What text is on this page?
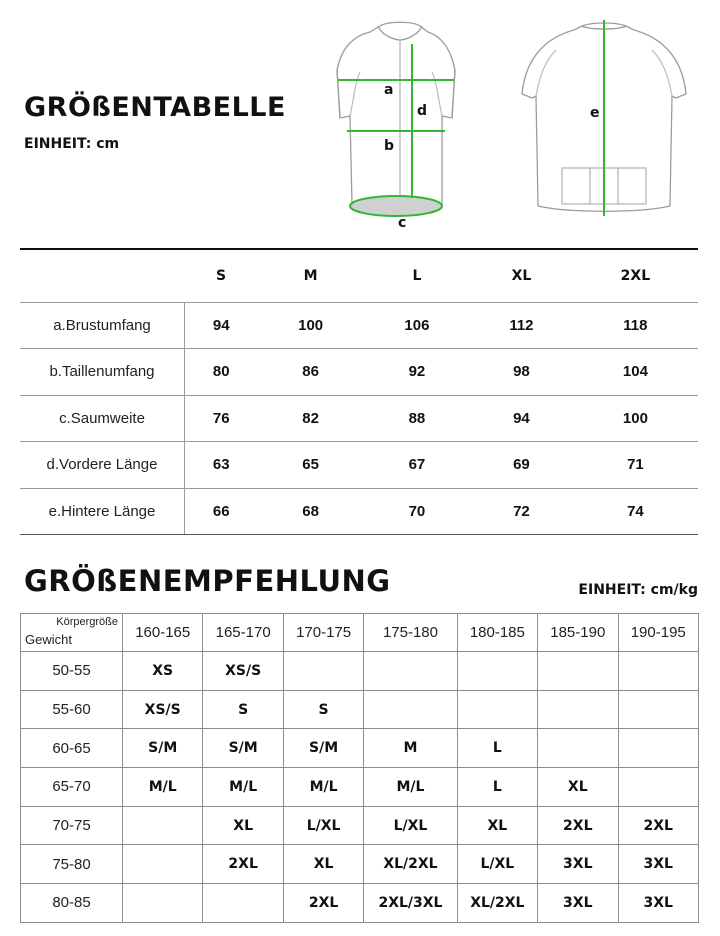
GRÖßENTABELLE
EINHEIT: cm
a
b
c
d	e
	S	M	L	XL	2XL
a.Brustumfang	94	100	106	112	118
b.Taillenumfang	80	86	92	98	104
c.Saumweite	76	82	88	94	100
d.Vordere Länge	63	65	67	69	71
e.Hintere Länge	66	68	70	72	74
GRÖßENEMPFEHLUNG	EINHEIT: cm/kg
Körpergröße
Gewicht	160-165	165-170	170-175	175-180	180-185	185-190	190-195
50-55	XS	XS/S					
55-60	XS/S	S	S				
60-65	S/M	S/M	S/M	M	L		
65-70	M/L	M/L	M/L	M/L	L	XL	
70-75		XL	L/XL	L/XL	XL	2XL	2XL
75-80		2XL	XL	XL/2XL	L/XL	3XL	3XL
80-85			2XL	2XL/3XL	XL/2XL	3XL	3XL
